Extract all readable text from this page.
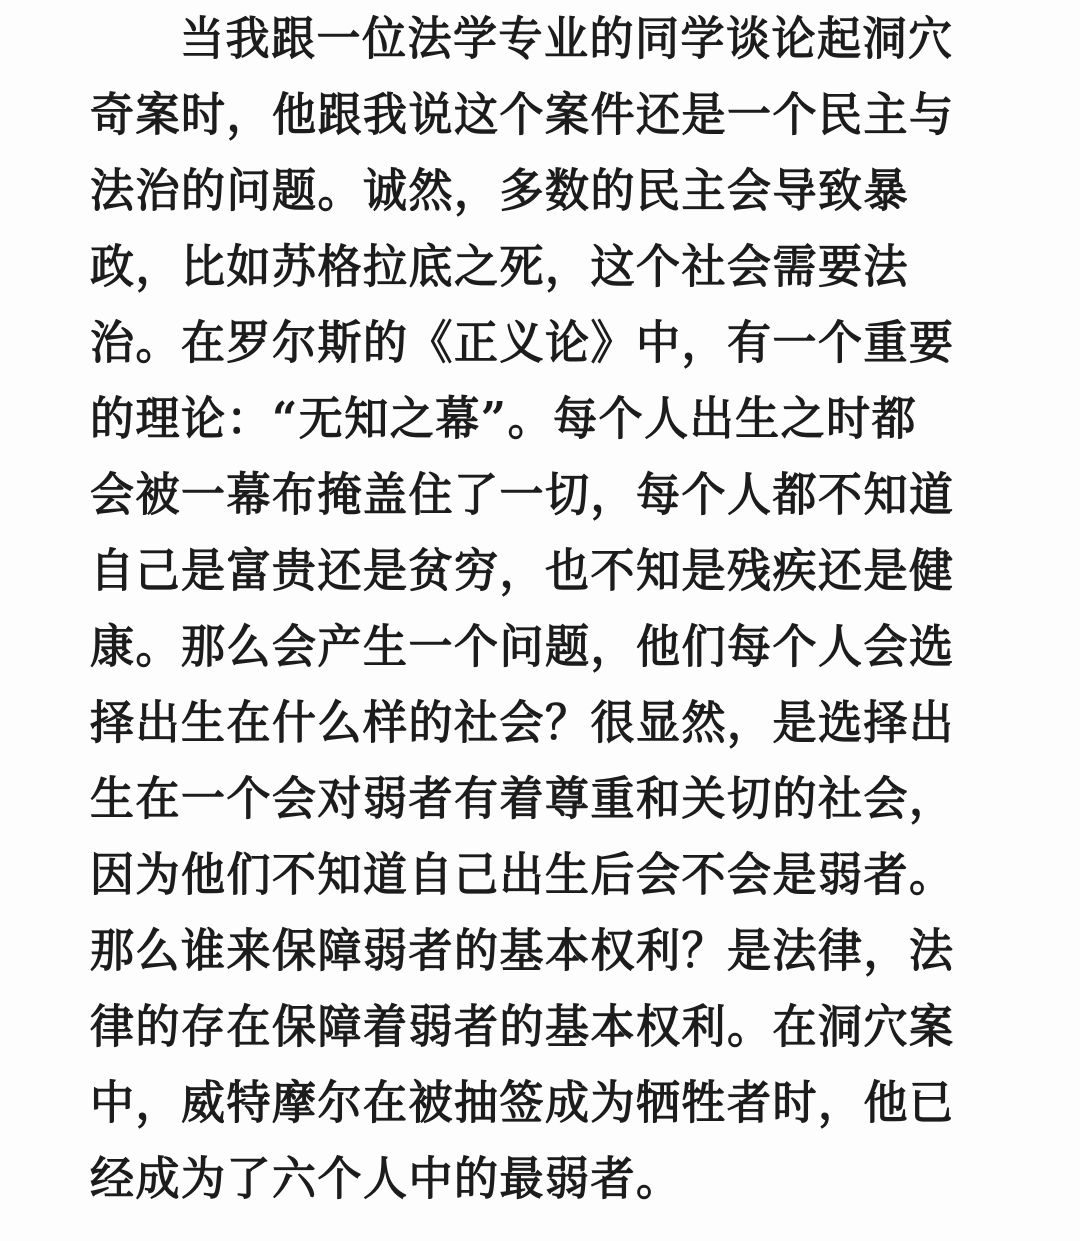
当我跟一位法学专业的同学谈论起洞穴
奇案时，他跟我说这个案件还是一个民主与
法治的问题。诚然，多数的民主会导致暴
政，比如苏格拉底之死，这个社会需要法
治。在罗尔斯的《正义论》中，有一个重要
的理论：“无知之幕”。每个人出生之时都
会被一幕布掩盖住了一切，每个人都不知道
自己是富贵还是贫穷，也不知是残疾还是健
康。那么会产生一个问题，他们每个人会选
择出生在什么样的社会？很显然，是选择出
生在一个会对弱者有着尊重和关切的社会，
因为他们不知道自己出生后会不会是弱者。
那么谁来保障弱者的基本权利？是法律，法
律的存在保障着弱者的基本权利。在洞穴案
中，威特摩尔在被抽签成为牺牲者时，他已
经成为了六个人中的最弱者。
